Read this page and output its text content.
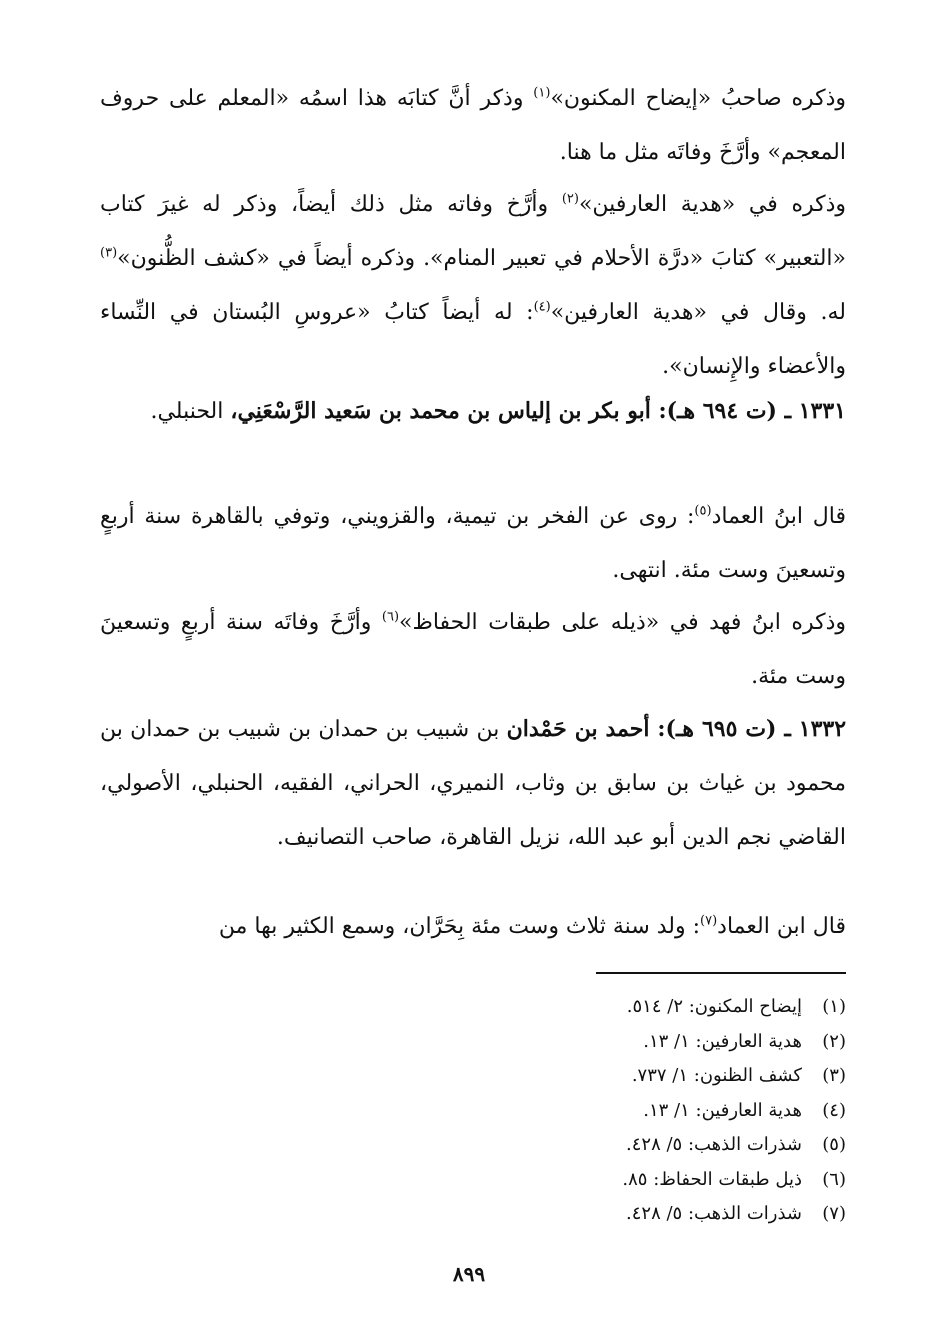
وذكره صاحبُ «إيضاح المكنون»$^{(١)}$ وذكر أنَّ كتابَه هذا اسمُه «المعلم على حروف المعجم» وأرَّخَ وفاتَه مثل ما هنا.

وذكره في «هدية العارفين»$^{(٢)}$ وأرَّخ وفاته مثل ذلك أيضاً، وذكر له غيرَ كتاب «التعبير» كتابَ «درَّة الأحلام في تعبير المنام». وذكره أيضاً في «كشف الظُّنون»$^{(٣)}$ له. وقال في «هدية العارفين»$^{(٤)}$: له أيضاً كتابُ «عروسِ البُستان في النِّساء والأعضاء والإِنسان».

١٣٣١ ـ (ت ٦٩٤ هـ): أبو بكر بن إلياس بن محمد بن سَعيد الرَّسْعَنِي، الحنبلي.

قال ابنُ العماد$^{(٥)}$: روى عن الفخر بن تيمية، والقزويني، وتوفي بالقاهرة سنة أربعٍ وتسعينَ وست مئة. انتهى.

وذكره ابنُ فهد في «ذيله على طبقات الحفاظ»$^{(٦)}$ وأرَّخَ وفاتَه سنة أربعٍ وتسعينَ وست مئة.

١٣٣٢ ـ (ت ٦٩٥ هـ): أحمد بن حَمْدان بن شبيب بن حمدان بن شبيب بن حمدان بن محمود بن غياث بن سابق بن وثاب، النميري، الحراني، الفقيه، الحنبلي، الأصولي، القاضي نجم الدين أبو عبد الله، نزيل القاهرة، صاحب التصانيف.

قال ابن العماد$^{(٧)}$: ولد سنة ثلاث وست مئة بِحَرَّان، وسمع الكثير بها من

(١)إيضاح المكنون: ٢/ ٥١٤.
(٢)هدية العارفين: ١/ ١٣.
(٣)كشف الظنون: ١/ ٧٣٧.
(٤)هدية العارفين: ١/ ١٣.
(٥)شذرات الذهب: ٥/ ٤٢٨.
(٦)ذيل طبقات الحفاظ: ٨٥.
(٧)شذرات الذهب: ٥/ ٤٢٨.
٨٩٩
